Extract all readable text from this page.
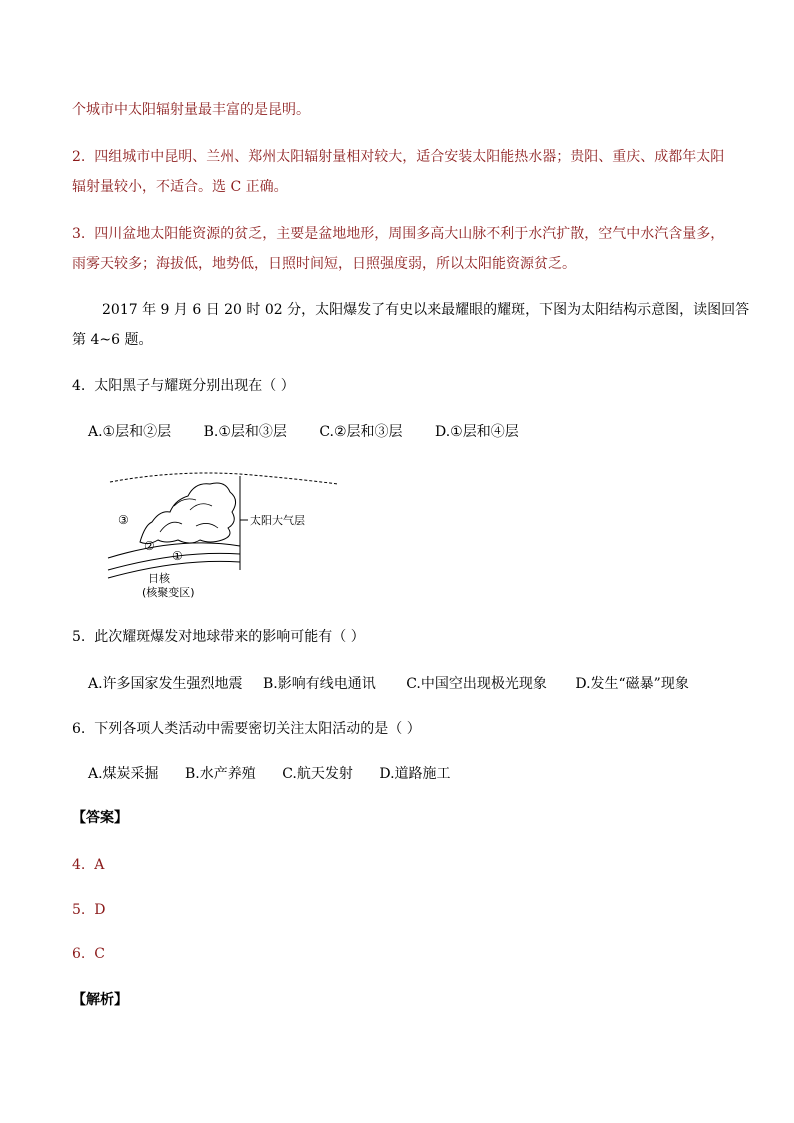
个城市中太阳辐射量最丰富的是昆明。
2. 四组城市中昆明、兰州、郑州太阳辐射量相对较大，适合安装太阳能热水器；贵阳、重庆、成都年太阳
辐射量较小，不适合。选 C 正确。
3. 四川盆地太阳能资源的贫乏，主要是盆地地形，周围多高大山脉不利于水汽扩散，空气中水汽含量多，
雨雾天较多；海拔低，地势低，日照时间短，日照强度弱，所以太阳能资源贫乏。
2017 年 9 月 6 日 20 时 02 分，太阳爆发了有史以来最耀眼的耀斑，下图为太阳结构示意图，读图回答
第 4~6 题。
4. 太阳黑子与耀斑分别出现在（ ）
A.①层和②层 B.①层和③层 C.②层和③层 D.①层和④层
太阳大气层
③
②
①
日核
(核聚变区)
5. 此次耀斑爆发对地球带来的影响可能有（ ）
A.许多国家发生强烈地震 B.影响有线电通讯 C.中国空出现极光现象 D.发生“磁暴”现象
6. 下列各项人类活动中需要密切关注太阳活动的是（ ）
A.煤炭采掘 B.水产养殖 C.航天发射 D.道路施工
【答案】
4. A
5. D
6. C
【解析】
